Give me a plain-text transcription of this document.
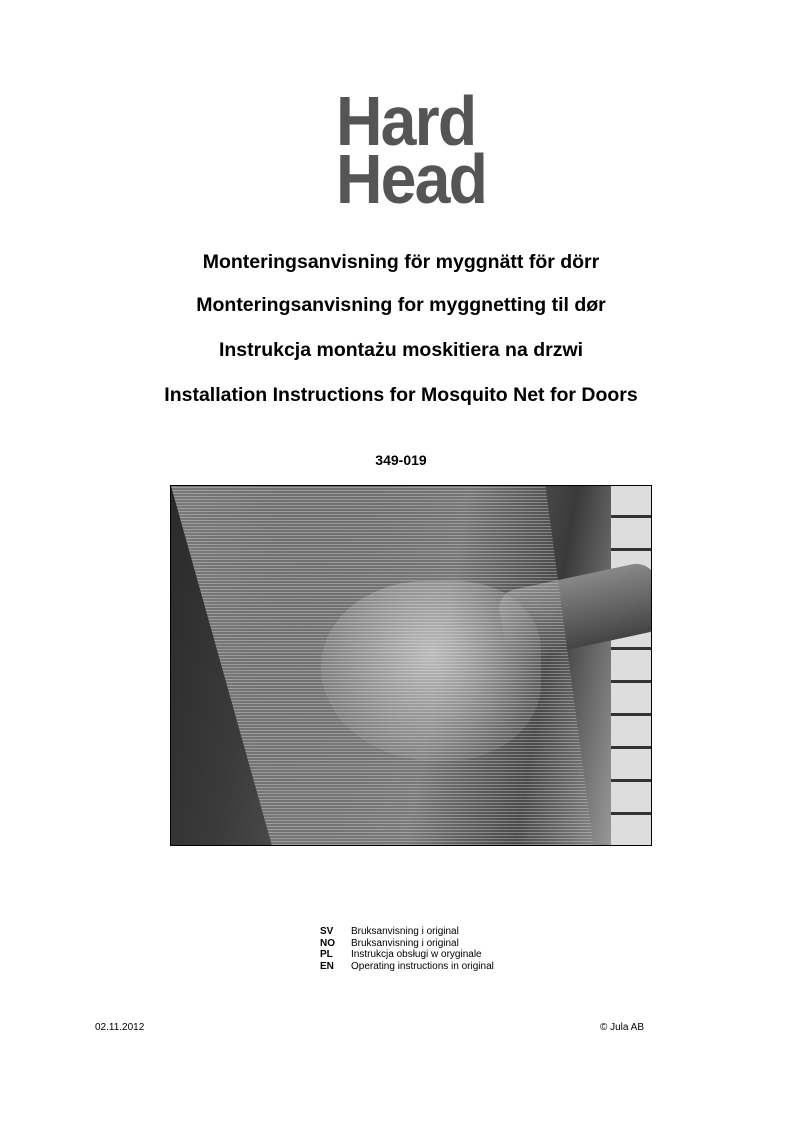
Hard
Head
Monteringsanvisning för myggnätt för dörr
Monteringsanvisning for myggnetting til dør
Instrukcja montażu moskitiera na drzwi
Installation Instructions for Mosquito Net for Doors
349-019
SV	Bruksanvisning i original
NO	Bruksanvisning i original
PL	Instrukcja obsługi w oryginale
EN	Operating instructions in original
02.11.2012	© Jula AB
